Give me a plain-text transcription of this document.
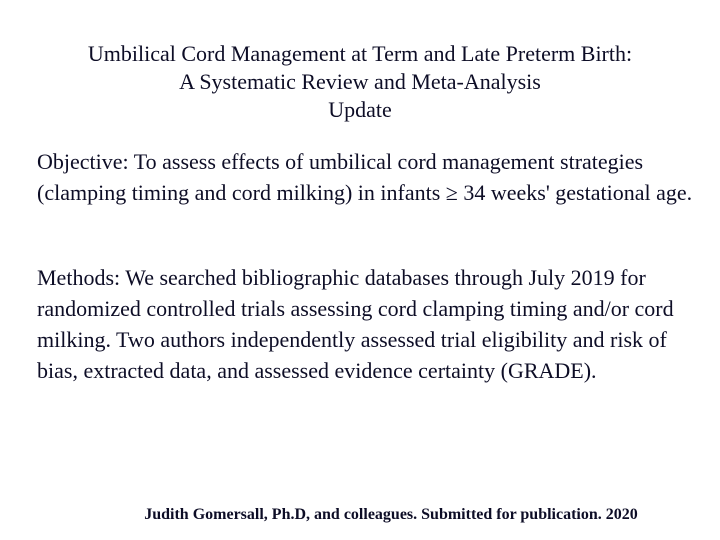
Umbilical Cord Management at Term and Late Preterm Birth:
A Systematic Review and Meta-Analysis
Update
Objective: To assess effects of umbilical cord management strategies (clamping timing and cord milking) in infants ≥ 34 weeks' gestational age.
Methods: We searched bibliographic databases through July 2019 for randomized controlled trials assessing cord clamping timing and/or cord milking. Two authors independently assessed trial eligibility and risk of bias, extracted data, and assessed evidence certainty (GRADE).
Judith Gomersall, Ph.D, and colleagues. Submitted for publication. 2020
